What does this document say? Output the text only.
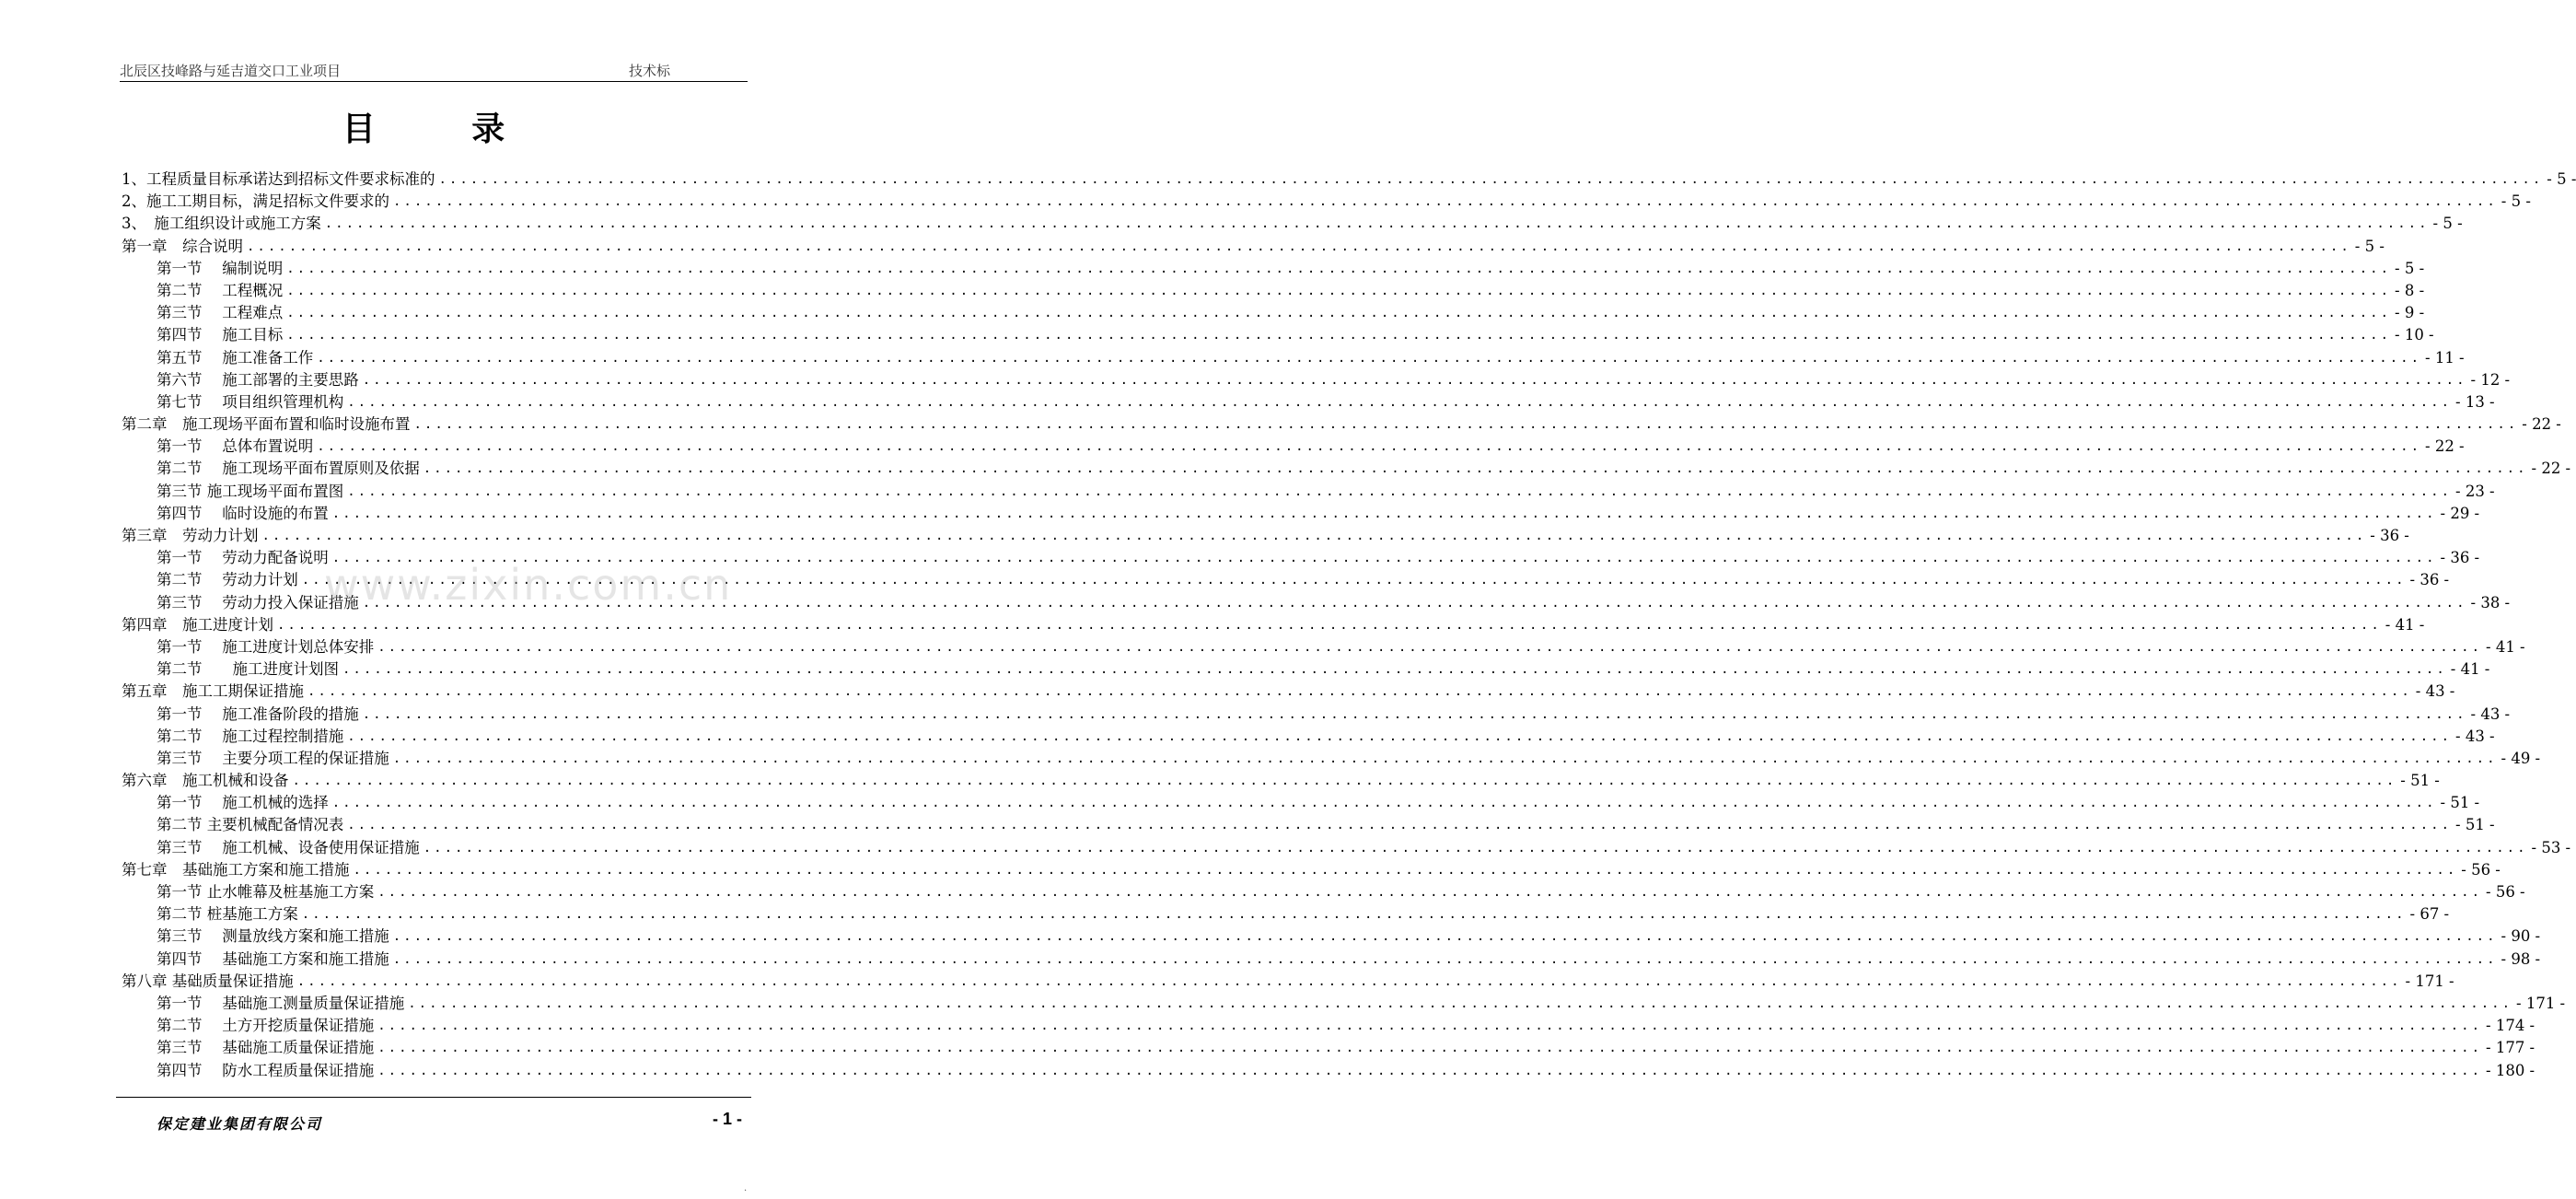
北辰区技峰路与延吉道交口工业项目	技术标
目 录
1、工程质量目标承诺达到招标文件要求标准的 ........................................................................................................................................................................................................ - 5 -
2、施工工期目标，满足招标文件要求的 ........................................................................................................................................................................................................ - 5 -
3、　施工组织设计或施工方案 ........................................................................................................................................................................................................ - 5 -
第一章　综合说明 ........................................................................................................................................................................................................ - 5 -
第一节　 编制说明 ........................................................................................................................................................................................................ - 5 -
第二节　 工程概况 ........................................................................................................................................................................................................ - 8 -
第三节　 工程难点 ........................................................................................................................................................................................................ - 9 -
第四节　 施工目标 ........................................................................................................................................................................................................ - 10 -
第五节　 施工准备工作 ........................................................................................................................................................................................................ - 11 -
第六节　 施工部署的主要思路 ........................................................................................................................................................................................................ - 12 -
第七节　 项目组织管理机构 ........................................................................................................................................................................................................ - 13 -
第二章　施工现场平面布置和临时设施布置 ........................................................................................................................................................................................................ - 22 -
第一节　 总体布置说明 ........................................................................................................................................................................................................ - 22 -
第二节　 施工现场平面布置原则及依据 ........................................................................................................................................................................................................ - 22 -
第三节 施工现场平面布置图 ........................................................................................................................................................................................................ - 23 -
第四节　 临时设施的布置 ........................................................................................................................................................................................................ - 29 -
第三章　劳动力计划 ........................................................................................................................................................................................................ - 36 -
第一节　 劳动力配备说明 ........................................................................................................................................................................................................ - 36 -
第二节　 劳动力计划 ........................................................................................................................................................................................................ - 36 -
第三节　 劳动力投入保证措施 ........................................................................................................................................................................................................ - 38 -
第四章　施工进度计划 ........................................................................................................................................................................................................ - 41 -
第一节　 施工进度计划总体安排 ........................................................................................................................................................................................................ - 41 -
第二节　　施工进度计划图 ........................................................................................................................................................................................................ - 41 -
第五章　施工工期保证措施 ........................................................................................................................................................................................................ - 43 -
第一节　 施工准备阶段的措施 ........................................................................................................................................................................................................ - 43 -
第二节　 施工过程控制措施 ........................................................................................................................................................................................................ - 43 -
第三节　 主要分项工程的保证措施 ........................................................................................................................................................................................................ - 49 -
第六章　施工机械和设备 ........................................................................................................................................................................................................ - 51 -
第一节　 施工机械的选择 ........................................................................................................................................................................................................ - 51 -
第二节 主要机械配备情况表 ........................................................................................................................................................................................................ - 51 -
第三节　 施工机械、设备使用保证措施 ........................................................................................................................................................................................................ - 53 -
第七章　基础施工方案和施工措施 ........................................................................................................................................................................................................ - 56 -
第一节 止水帷幕及桩基施工方案 ........................................................................................................................................................................................................ - 56 -
第二节 桩基施工方案 ........................................................................................................................................................................................................ - 67 -
第三节　 测量放线方案和施工措施 ........................................................................................................................................................................................................ - 90 -
第四节　 基础施工方案和施工措施 ........................................................................................................................................................................................................ - 98 -
第八章 基础质量保证措施 ........................................................................................................................................................................................................ - 171 -
第一节　 基础施工测量质量保证措施 ........................................................................................................................................................................................................ - 171 -
第二节　 土方开挖质量保证措施 ........................................................................................................................................................................................................ - 174 -
第三节　 基础施工质量保证措施 ........................................................................................................................................................................................................ - 177 -
第四节　 防水工程质量保证措施 ........................................................................................................................................................................................................ - 180 -
www.zixin.com.cn
保定建业集团有限公司	- 1 -
.
